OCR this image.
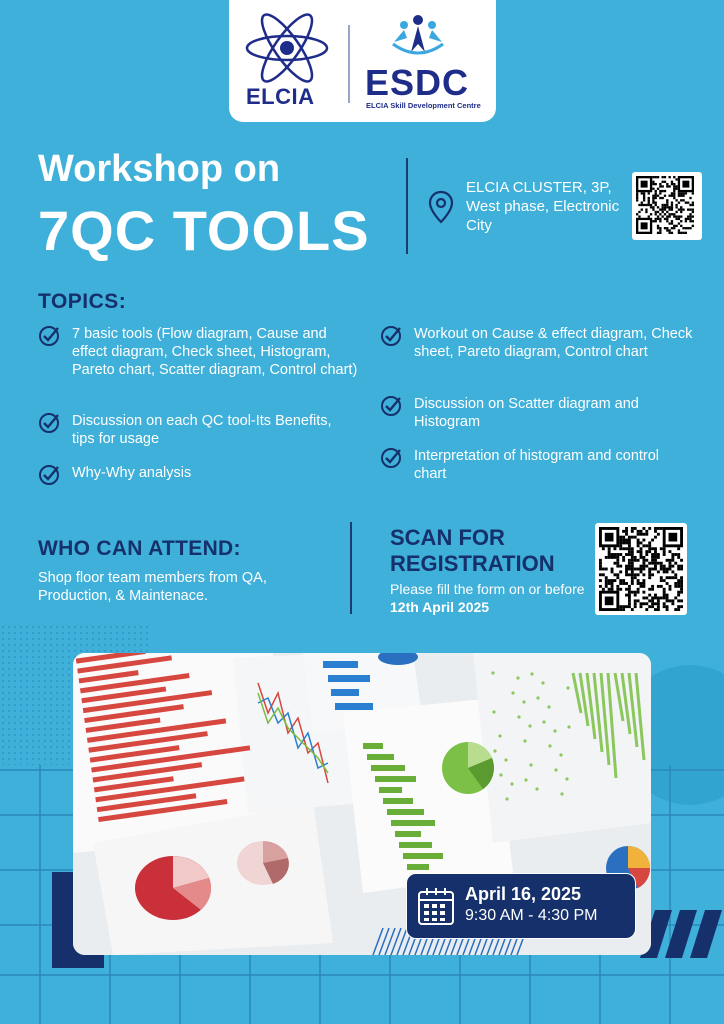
ELCIA ESDC
ELCIA Skill Development Centre
Workshop on
7QC TOOLS
ELCIA CLUSTER, 3P, West phase, Electronic City
TOPICS:
7 basic tools (Flow diagram, Cause and effect diagram, Check sheet, Histogram, Pareto chart, Scatter diagram, Control chart)
Discussion on each QC tool-Its Benefits, tips for usage
Why-Why analysis
Workout on Cause & effect diagram, Check sheet, Pareto diagram, Control chart
Discussion on Scatter diagram and Histogram
Interpretation of histogram and control chart
WHO CAN ATTEND:
Shop floor team members from QA, Production, & Maintenace.
SCAN FOR REGISTRATION
Please fill the form on or before 12th April 2025
April 16, 2025
9:30 AM - 4:30 PM
